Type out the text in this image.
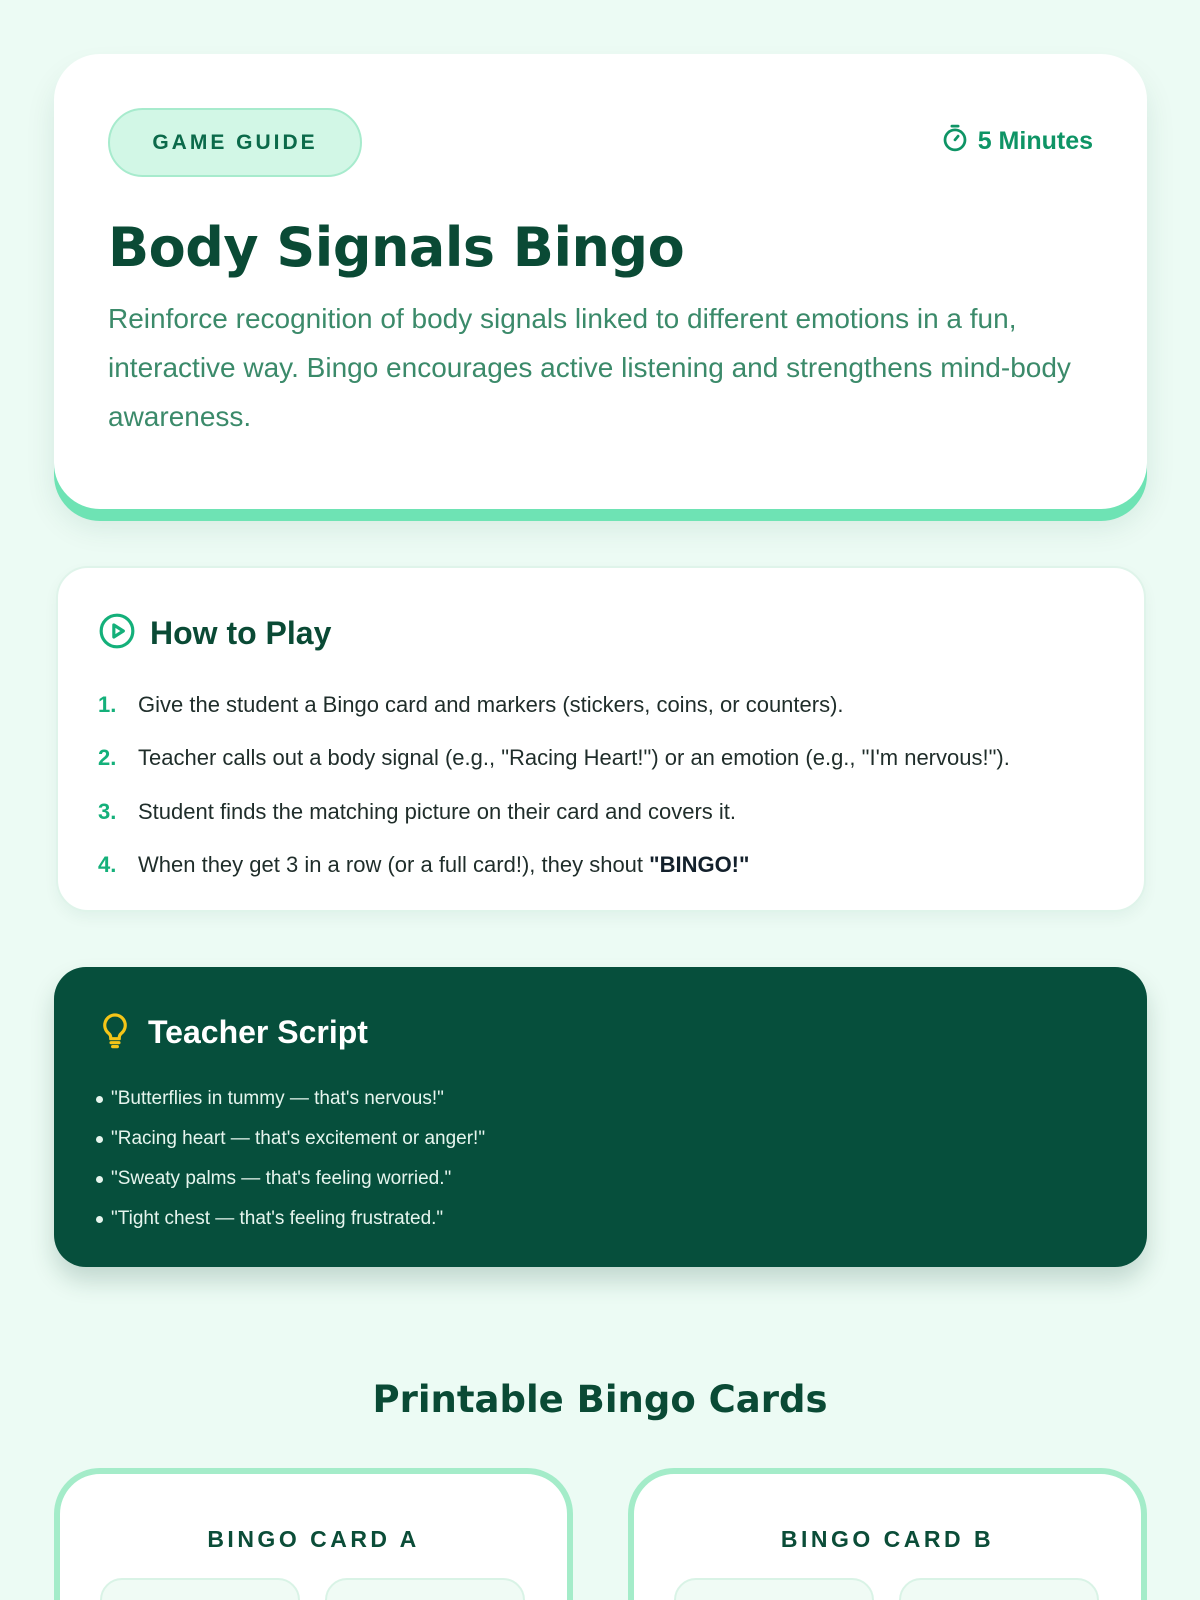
GAME GUIDE	5 Minutes
Body Signals Bingo

Reinforce recognition of body signals linked to different emotions in a fun, interactive way. Bingo encourages active listening and strengthens mind-body awareness.

How to Play
1. Give the student a Bingo card and markers (stickers, coins, or counters).
2. Teacher calls out a body signal (e.g., "Racing Heart!") or an emotion (e.g., "I'm nervous!").
3. Student finds the matching picture on their card and covers it.
4. When they get 3 in a row (or a full card!), they shout "BINGO!"
Teacher Script
"Butterflies in tummy — that's nervous!"
"Racing heart — that's excitement or anger!"
"Sweaty palms — that's feeling worried."
"Tight chest — that's feeling frustrated."
Printable Bingo Cards
BINGO CARD A	BINGO CARD B
